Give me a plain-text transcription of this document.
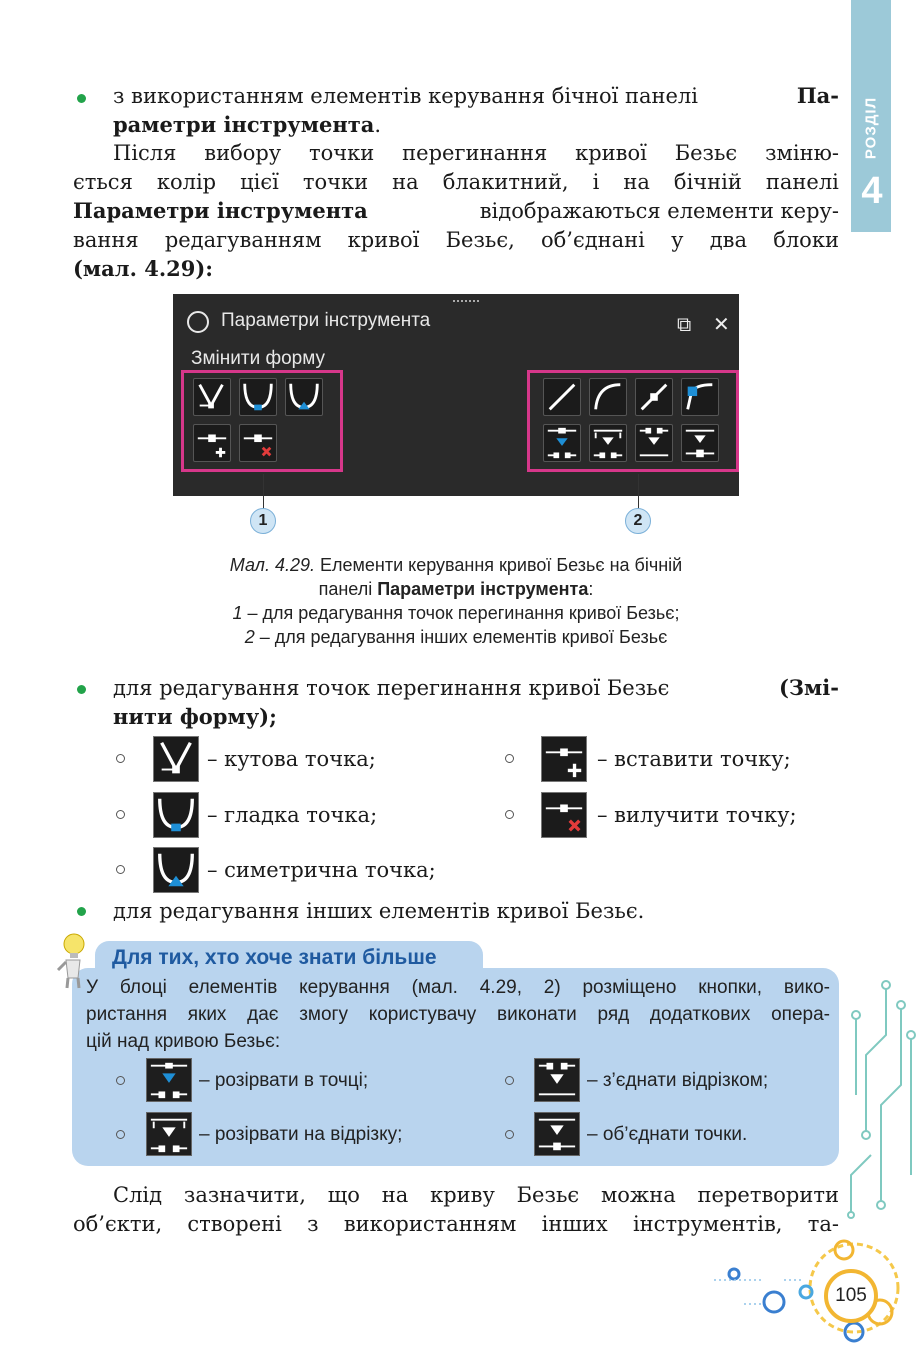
РОЗДІЛ
4
з використанням елементів керування бічної панелі	Па-
раметри інструмента.
Після вибору точки перегинання кривої Безьє зміню-
ється колір цієї точки на блакитний, і на бічній панелі
Параметри інструмента	відображаються елементи керу-
вання редагуванням кривої Безьє, об’єднані у два блоки
(мал. 4.29):
Параметри інструмента	⧉ ✕
Змінити форму
1	2
Мал. 4.29. Елементи керування кривої Безьє на бічній
панелі Параметри інструмента:
1 – для редагування точок перегинання кривої Безьє;
2 – для редагування інших елементів кривої Безьє
для редагування точок перегинання кривої Безьє	(Змі-
нити форму);
– кутова точка;	– вставити точку;
– гладка точка;	– вилучити точку;
– симетрична точка;
для редагування інших елементів кривої Безьє.
Для тих, хто хоче знати більше
У блоці елементів керування (мал. 4.29, 2) розміщено кнопки, вико-
ристання яких дає змогу користувачу виконати ряд додаткових опера-
цій над кривою Безьє:
– розірвати в точці;	– з’єднати відрізком;
– розірвати на відрізку;	– об’єднати точки.
Слід зазначити, що на криву Безьє можна перетворити
об’єкти, створені з використанням інших інструментів, та-
105
